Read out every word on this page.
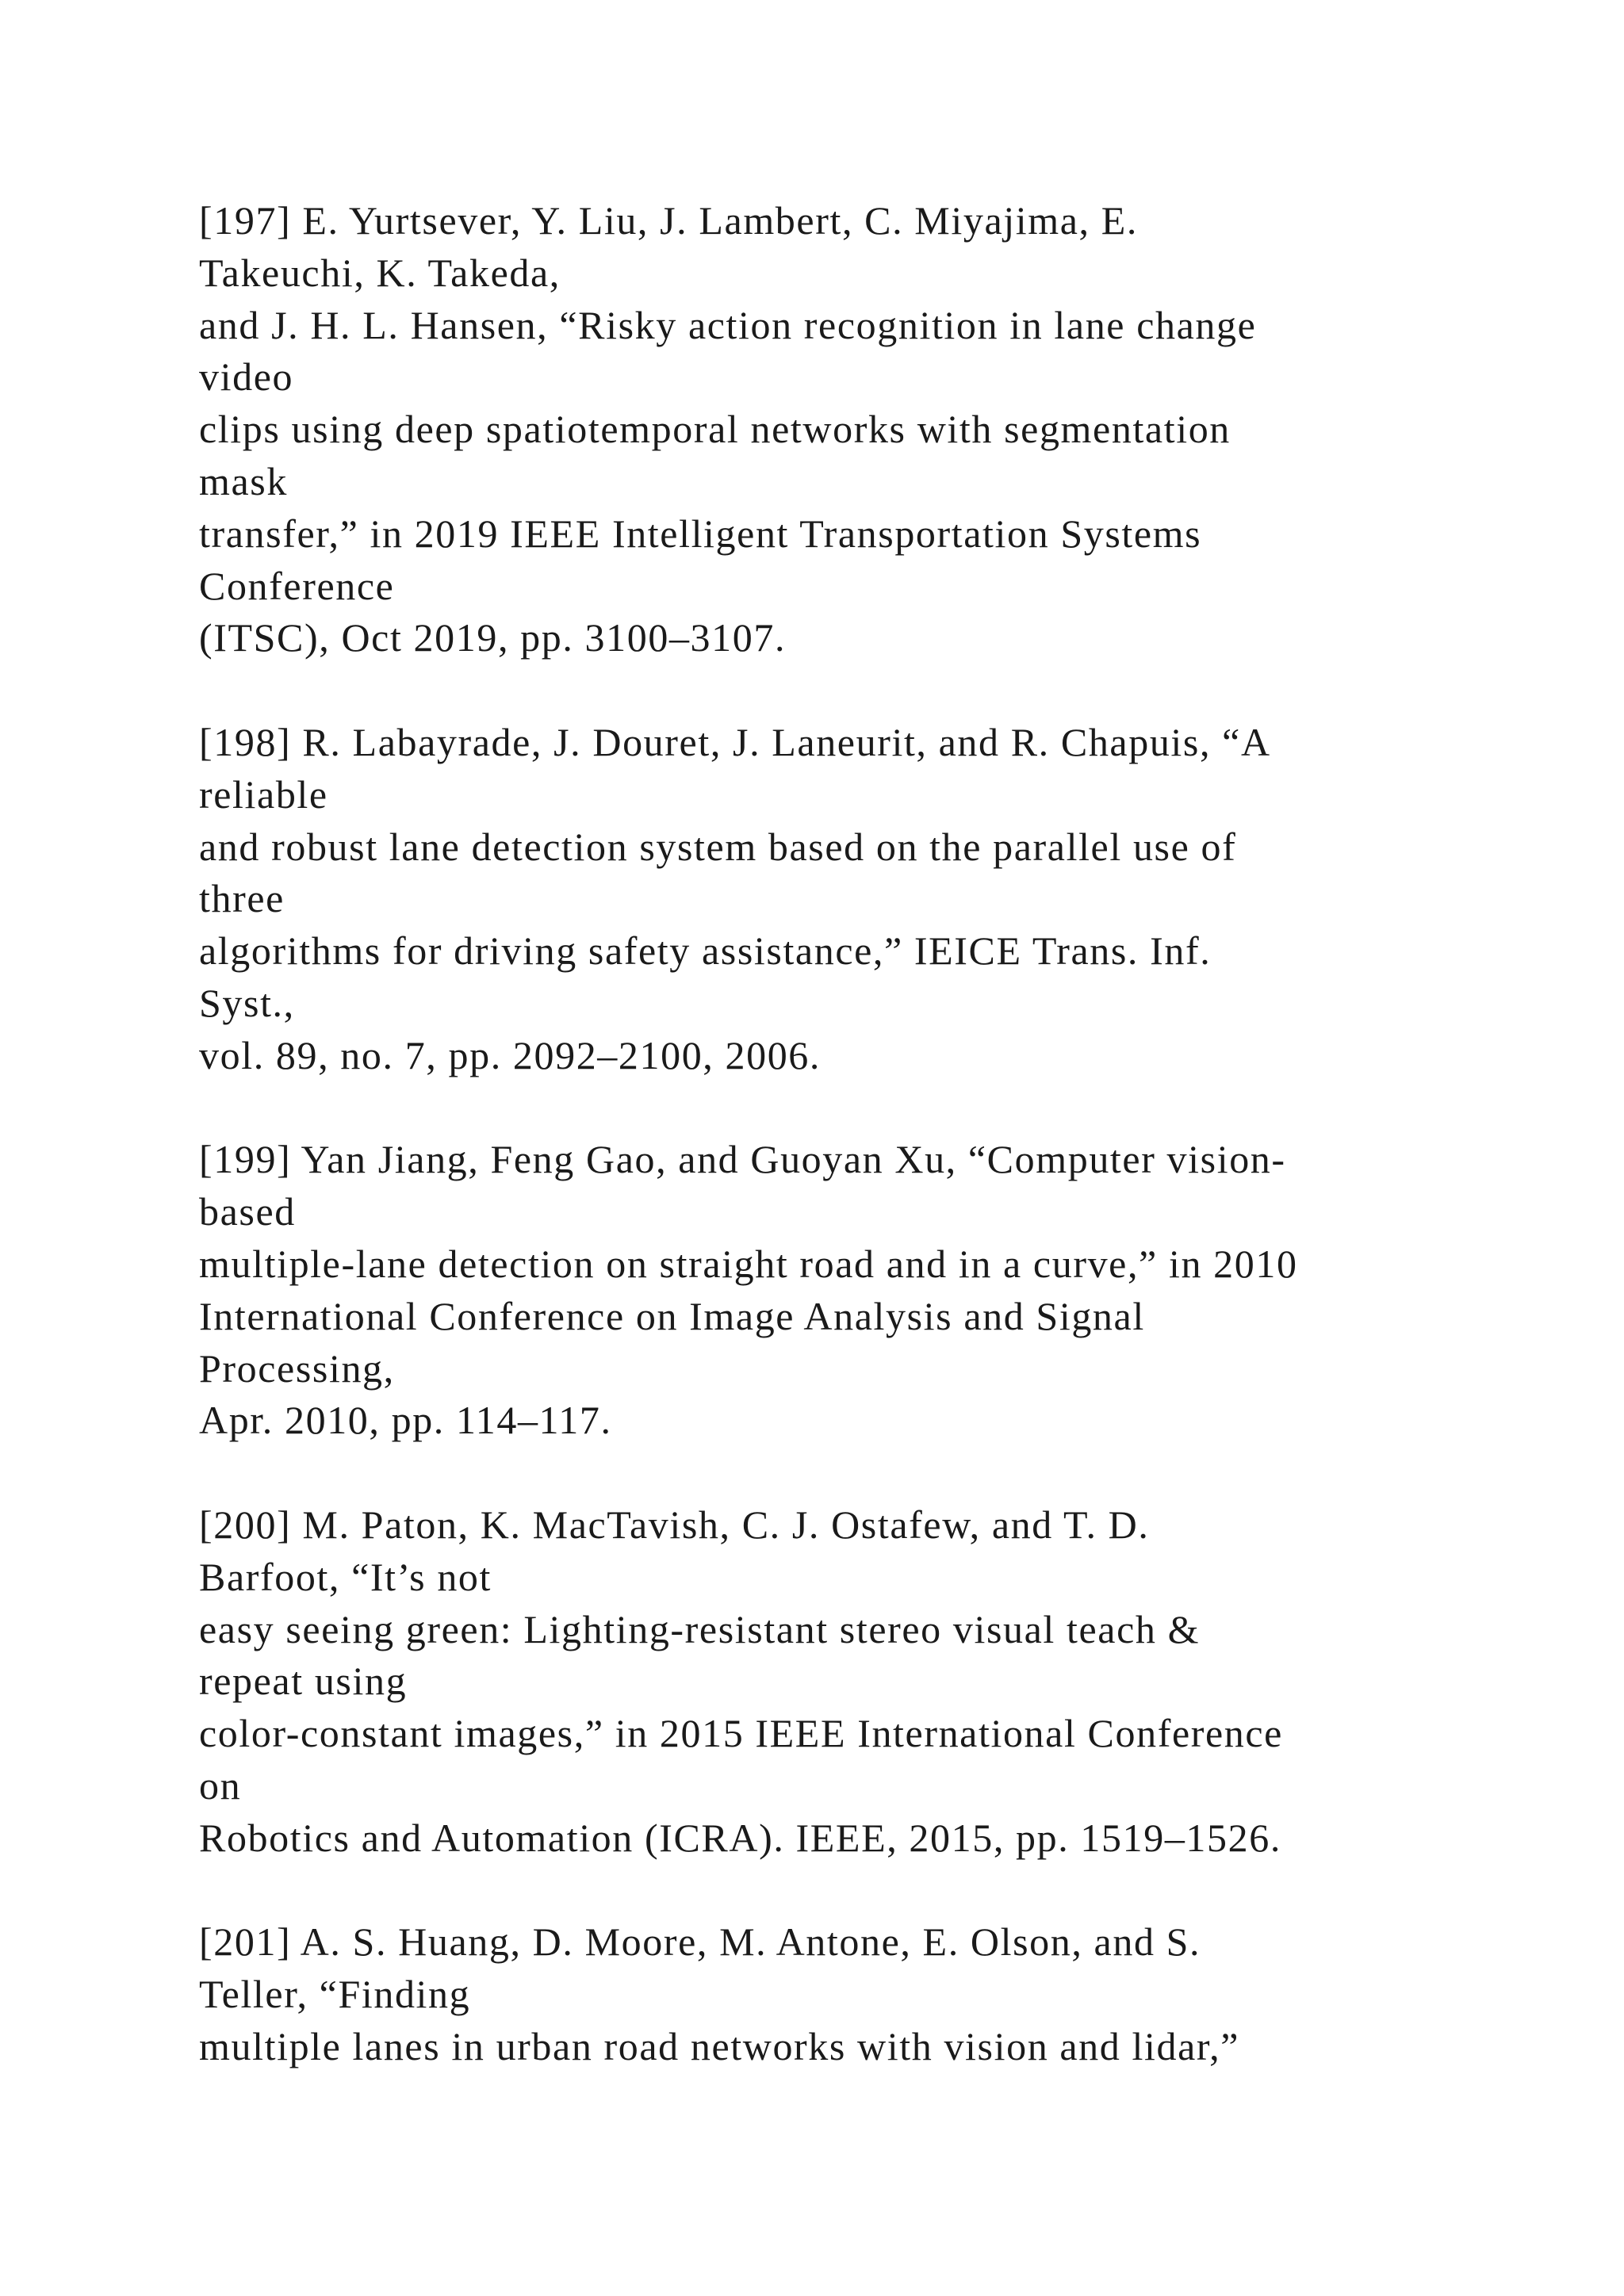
[197] E. Yurtsever, Y. Liu, J. Lambert, C. Miyajima, E.
Takeuchi, K. Takeda,
and J. H. L. Hansen, “Risky action recognition in lane change
video
clips using deep spatiotemporal networks with segmentation
mask
transfer,” in 2019 IEEE Intelligent Transportation Systems
Conference
(ITSC), Oct 2019, pp. 3100–3107.
[198] R. Labayrade, J. Douret, J. Laneurit, and R. Chapuis, “A
reliable
and robust lane detection system based on the parallel use of
three
algorithms for driving safety assistance,” IEICE Trans. Inf.
Syst.,
vol. 89, no. 7, pp. 2092–2100, 2006.
[199] Yan Jiang, Feng Gao, and Guoyan Xu, “Computer vision-
based
multiple-lane detection on straight road and in a curve,” in 2010
International Conference on Image Analysis and Signal
Processing,
Apr. 2010, pp. 114–117.
[200] M. Paton, K. MacTavish, C. J. Ostafew, and T. D.
Barfoot, “It’s not
easy seeing green: Lighting-resistant stereo visual teach &
repeat using
color-constant images,” in 2015 IEEE International Conference
on
Robotics and Automation (ICRA). IEEE, 2015, pp. 1519–1526.
[201] A. S. Huang, D. Moore, M. Antone, E. Olson, and S.
Teller, “Finding
multiple lanes in urban road networks with vision and lidar,”
